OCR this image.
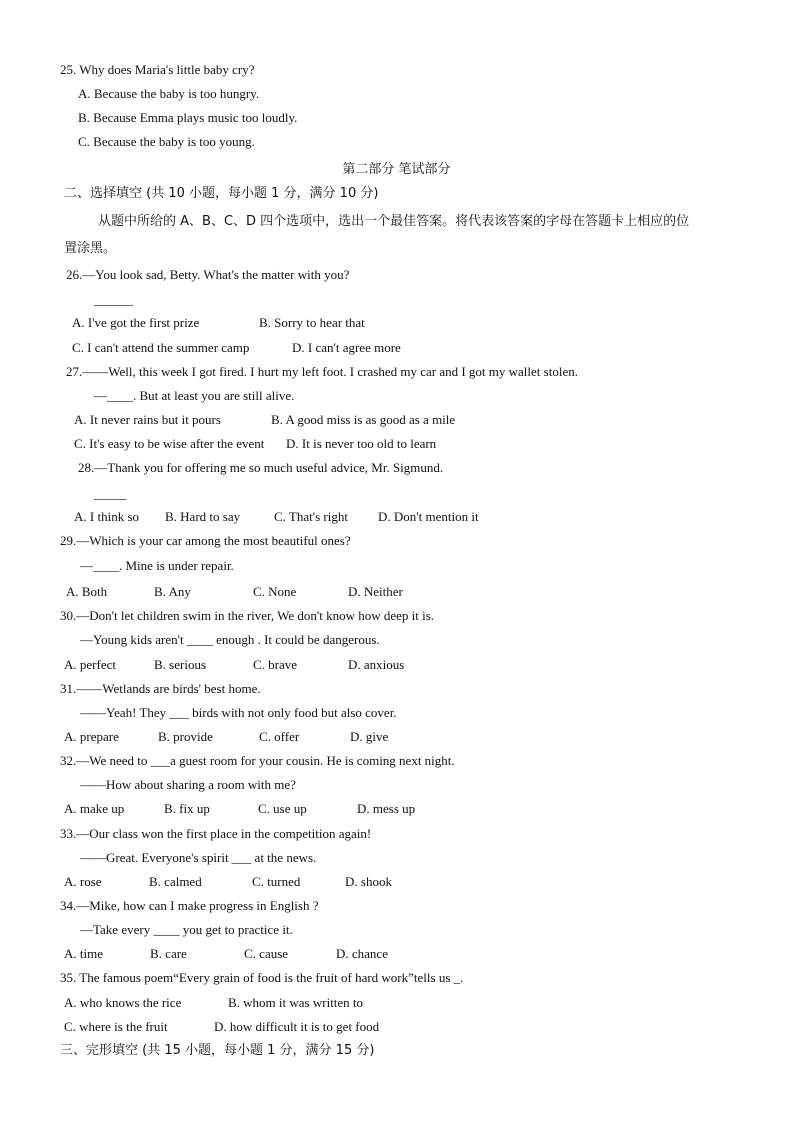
25. Why does Maria's little baby cry?
A. Because the baby is too hungry.
B. Because Emma plays music too loudly.
C. Because the baby is too young.
第二部分 笔试部分
二、选择填空 (共 10 小题，每小题 1 分，满分 10 分)
从题中所给的 A、B、C、D 四个选项中，选出一个最佳答案。将代表该答案的字母在答题卡上相应的位
置涂黑。
26.—You look sad, Betty. What's the matter with you?
______
A. I've got the first prize	B. Sorry to hear that
C. I can't attend the summer camp	D. I can't agree more
27.——Well, this week I got fired. I hurt my left foot. I crashed my car and I got my wallet stolen.
—____. But at least you are still alive.
A. It never rains but it pours	B. A good miss is as good as a mile
C. It's easy to be wise after the event D. It is never too old to learn
28.—Thank you for offering me so much useful advice, Mr. Sigmund.
_____
A. I think so B. Hard to say	C. That's right D. Don't mention it
29.—Which is your car among the most beautiful ones?
—____. Mine is under repair.
A. Both	B. Any	C. None	D. Neither
30.—Don't let children swim in the river, We don't know how deep it is.
—Young kids aren't ____ enough . It could be dangerous.
A. perfect	B. serious	C. brave	D. anxious
31.——Wetlands are birds' best home.
——Yeah! They ___ birds with not only food but also cover.
A. prepare	B. provide	C. offer	D. give
32.—We need to ___a guest room for your cousin. He is coming next night.
——How about sharing a room with me?
A. make up	B. fix up	C. use up	D. mess up
33.—Our class won the first place in the competition again!
——Great. Everyone's spirit ___ at the news.
A. rose	B. calmed	C. turned	D. shook
34.—Mike, how can I make progress in English ?
—Take every ____ you get to practice it.
A. time	B. care	C. cause	D. chance
35. The famous poem“Every grain of food is the fruit of hard work”tells us _.
A. who knows the rice	B. whom it was written to
C. where is the fruit	D. how difficult it is to get food
三、完形填空 (共 15 小题，每小题 1 分，满分 15 分)
